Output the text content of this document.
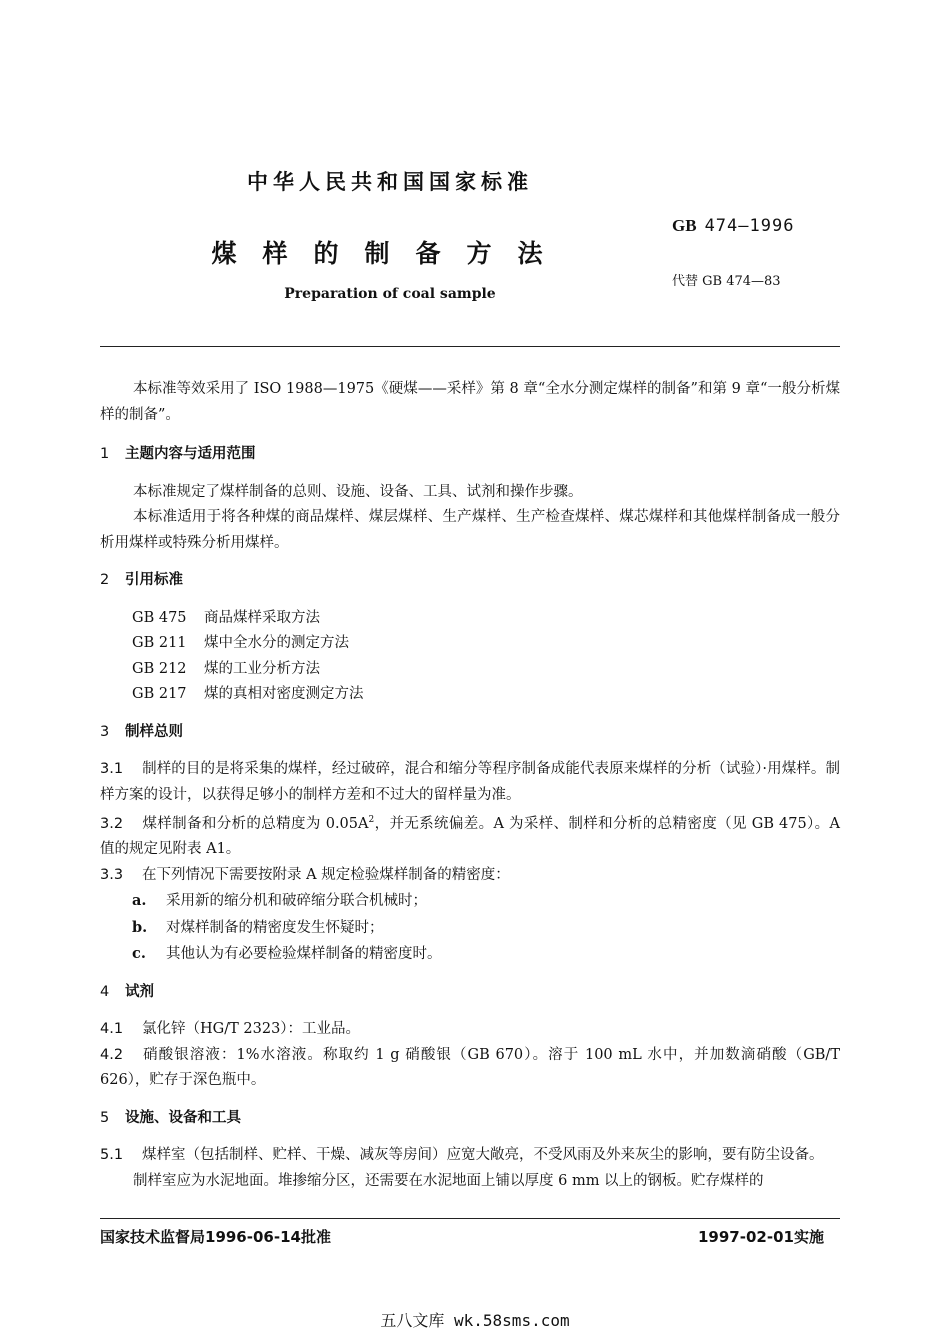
中华人民共和国国家标准
煤样的制备方法
Preparation of coal sample
GB 474—1996
代替 GB 474—83

本标准等效采用了 ISO 1988—1975《硬煤——采样》第 8 章“全水分测定煤样的制备”和第 9 章“一般分析煤样的制备”。

1 主题内容与适用范围

本标准规定了煤样制备的总则、设施、设备、工具、试剂和操作步骤。

本标准适用于将各种煤的商品煤样、煤层煤样、生产煤样、生产检查煤样、煤芯煤样和其他煤样制备成一般分析用煤样或特殊分析用煤样。

2 引用标准

GB 475 商品煤样采取方法

GB 211 煤中全水分的测定方法

GB 212 煤的工业分析方法

GB 217 煤的真相对密度测定方法

3 制样总则

3.1 制样的目的是将采集的煤样，经过破碎，混合和缩分等程序制备成能代表原来煤样的分析（试验）·用煤样。制样方案的设计，以获得足够小的制样方差和不过大的留样量为准。

3.2 煤样制备和分析的总精度为 $0.05A^2$，并无系统偏差。A 为采样、制样和分析的总精密度（见 GB 475）。A 值的规定见附表 A1。

3.3 在下列情况下需要按附录 A 规定检验煤样制备的精密度：

a. 采用新的缩分机和破碎缩分联合机械时；

b. 对煤样制备的精密度发生怀疑时；

c. 其他认为有必要检验煤样制备的精密度时。

4 试剂

4.1 氯化锌（HG/T 2323）：工业品。

4.2 硝酸银溶液：1%水溶液。称取约 1 g 硝酸银（GB 670）。溶于 100 mL 水中，并加数滴硝酸（GB/T 626），贮存于深色瓶中。

5 设施、设备和工具

5.1 煤样室（包括制样、贮样、干燥、减灰等房间）应宽大敞亮，不受风雨及外来灰尘的影响，要有防尘设备。

制样室应为水泥地面。堆掺缩分区，还需要在水泥地面上铺以厚度 6 mm 以上的钢板。贮存煤样的

国家技术监督局1996-06-14批准	1997-02-01实施
五八文库 wk.58sms.com
